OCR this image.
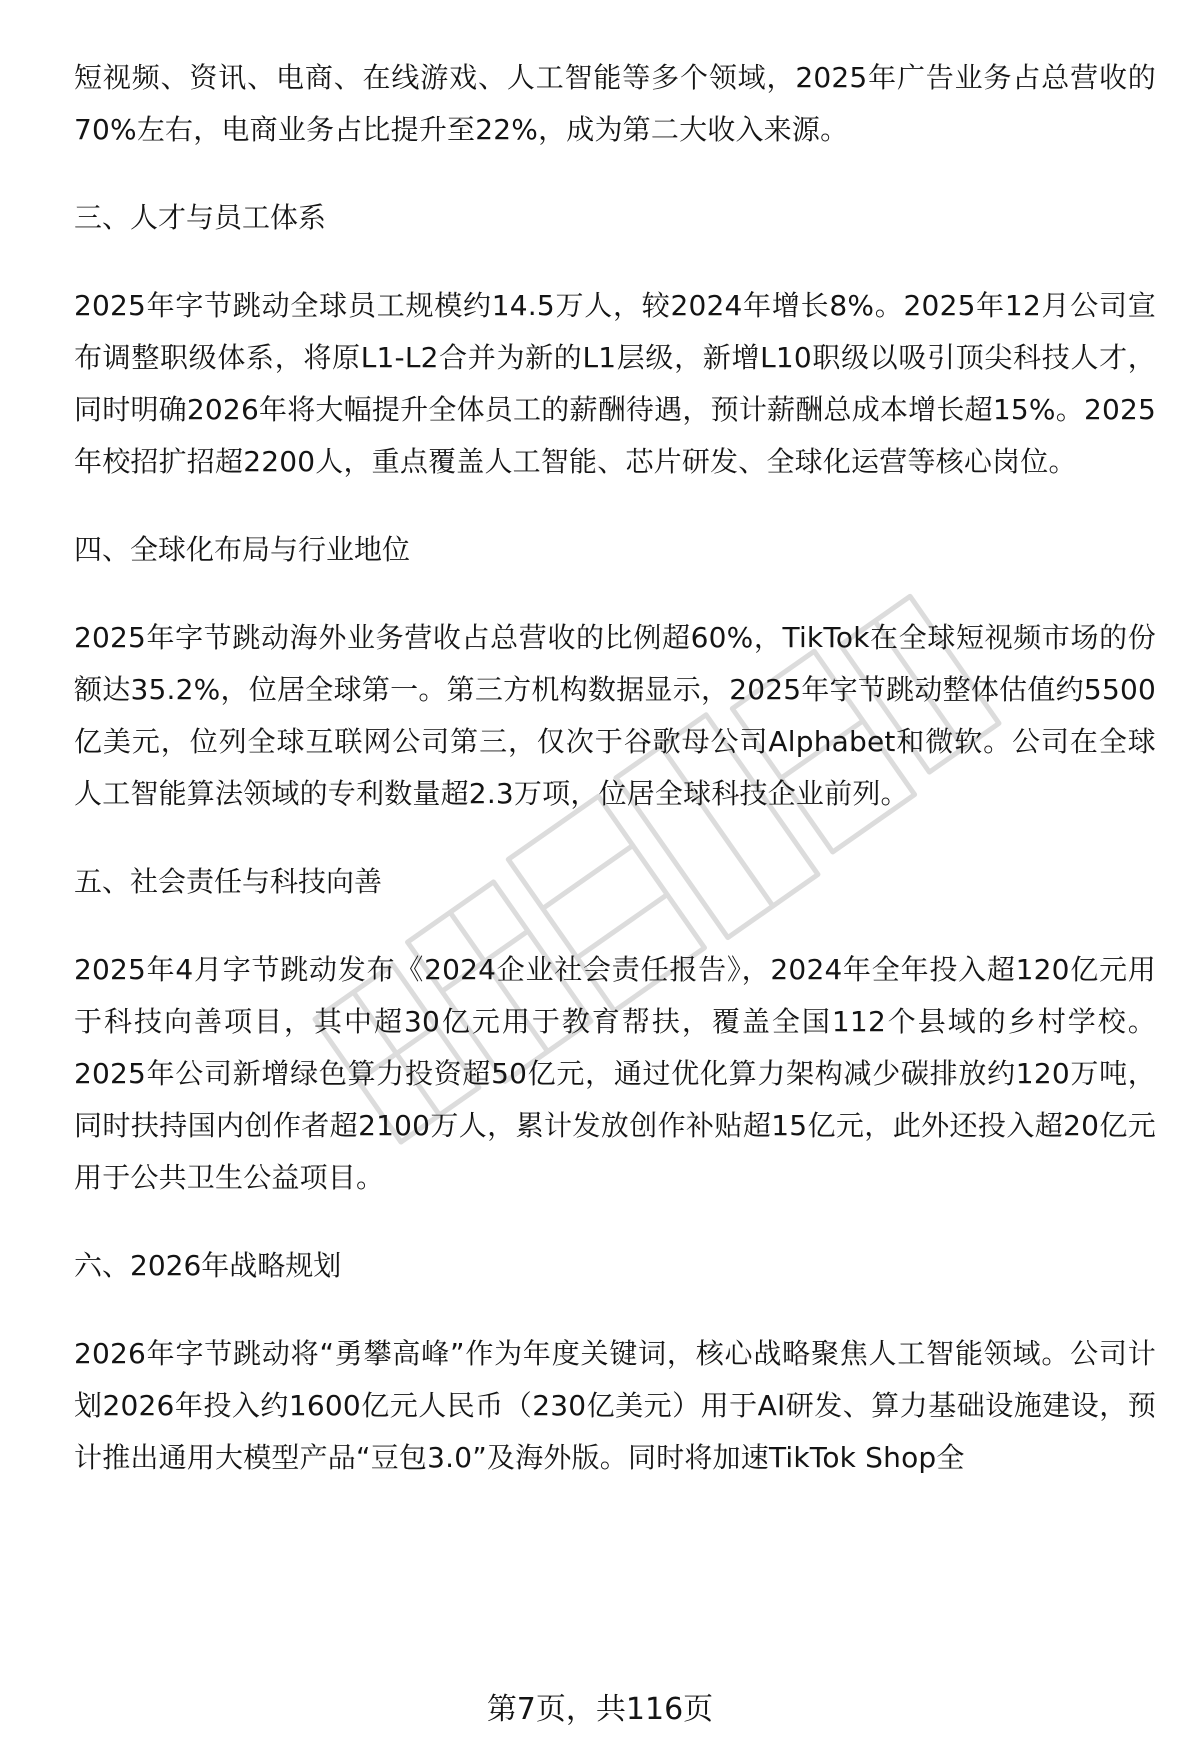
短视频、资讯、电商、在线游戏、人工智能等多个领域，2025年广告业务占总营收的70%左右，电商业务占比提升至22%，成为第二大收入来源。

三、人才与员工体系

2025年字节跳动全球员工规模约14.5万人，较2024年增长8%。2025年12月公司宣布调整职级体系，将原L1-L2合并为新的L1层级，新增L10职级以吸引顶尖科技人才，同时明确2026年将大幅提升全体员工的薪酬待遇，预计薪酬总成本增长超15%。2025年校招扩招超2200人，重点覆盖人工智能、芯片研发、全球化运营等核心岗位。

四、全球化布局与行业地位

2025年字节跳动海外业务营收占总营收的比例超60%，TikTok在全球短视频市场的份额达35.2%，位居全球第一。第三方机构数据显示，2025年字节跳动整体估值约5500亿美元，位列全球互联网公司第三，仅次于谷歌母公司Alphabet和微软。公司在全球人工智能算法领域的专利数量超2.3万项，位居全球科技企业前列。

五、社会责任与科技向善

2025年4月字节跳动发布《2024企业社会责任报告》，2024年全年投入超120亿元用于科技向善项目，其中超30亿元用于教育帮扶，覆盖全国112个县域的乡村学校。2025年公司新增绿色算力投资超50亿元，通过优化算力架构减少碳排放约120万吨，同时扶持国内创作者超2100万人，累计发放创作补贴超15亿元，此外还投入超20亿元用于公共卫生公益项目。

六、2026年战略规划

2026年字节跳动将“勇攀高峰”作为年度关键词，核心战略聚焦人工智能领域。公司计划2026年投入约1600亿元人民币（230亿美元）用于AI研发、算力基础设施建设，预计推出通用大模型产品“豆包3.0”及海外版。同时将加速TikTok Shop全

第7页，共116页
